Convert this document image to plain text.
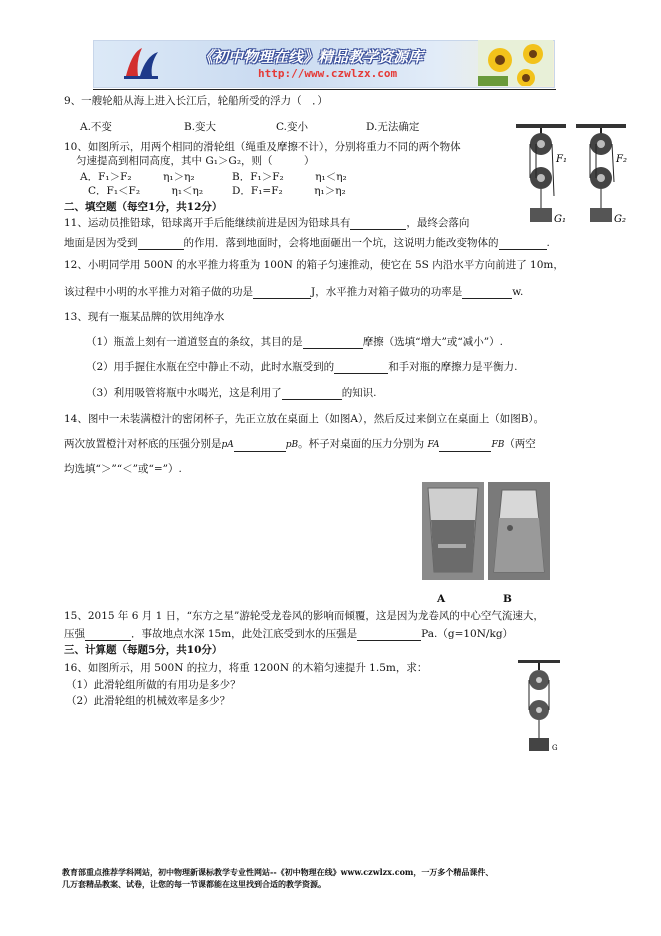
《初中物理在线》精品教学资源库
http://www.czwlzx.com
9、一艘轮船从海上进入长江后，轮船所受的浮力（　．）
A.不变	B.变大	C.变小	D.无法确定
10、如图所示，用两个相同的滑轮组（绳重及摩擦不计），分别将重力不同的两个物体
匀速提高到相同高度，其中 G₁＞G₂，则（　　　）
A．F₁＞F₂　　　η₁＞η₂	B．F₁＞F₂　　　η₁＜η₂
C．F₁＜F₂　　　η₁＜η₂	D．F₁=F₂　　　η₁＞η₂
F₁	F₂
G₁	G₂
二、填空题（每空1分，共12分）
11、运动员推铅球，铅球离开手后能继续前进是因为铅球具有	，最终会落向
地面是因为受到	的作用．落到地面时，会将地面砸出一个坑，这说明力能改变物体的	.
12、小明同学用 500N 的水平推力将重为 100N 的箱子匀速推动，使它在 5S 内沿水平方向前进了 10m，
该过程中小明的水平推力对箱子做的功是	J，水平推力对箱子做功的功率是	w.
13、现有一瓶某品牌的饮用纯净水
（1）瓶盖上刻有一道道竖直的条纹，其目的是	摩擦（选填“增大”或“减小”）.
（2）用手握住水瓶在空中静止不动，此时水瓶受到的	和手对瓶的摩擦力是平衡力.
（3）利用吸管将瓶中水喝光，这是利用了	的知识.
14、图中一未装满橙汁的密闭杯子，先正立放在桌面上（如图A），然后反过来倒立在桌面上（如图B）。
两次放置橙汁对杯底的压强分别是pA	pB。杯子对桌面的压力分别为 FA	FB（两空
均选填“＞”“＜”或“=”）.
A	B
15、2015 年 6 月 1 日，“东方之星”游轮受龙卷风的影响而倾覆，这是因为龙卷风的中心空气流速大，
压强	．事故地点水深 15m，此处江底受到水的压强是	Pa.（g=10N/kg）
三、计算题（每题5分，共10分）
16、如图所示，用 500N 的拉力，将重 1200N 的木箱匀速提升 1.5m，求：
（1）此滑轮组所做的有用功是多少？
（2）此滑轮组的机械效率是多少？
G
教育部重点推荐学科网站，初中物理新课标教学专业性网站--《初中物理在线》www.czwlzx.com，一万多个精品课件、
几万套精品教案、试卷，让您的每一节课都能在这里找到合适的教学资源。
